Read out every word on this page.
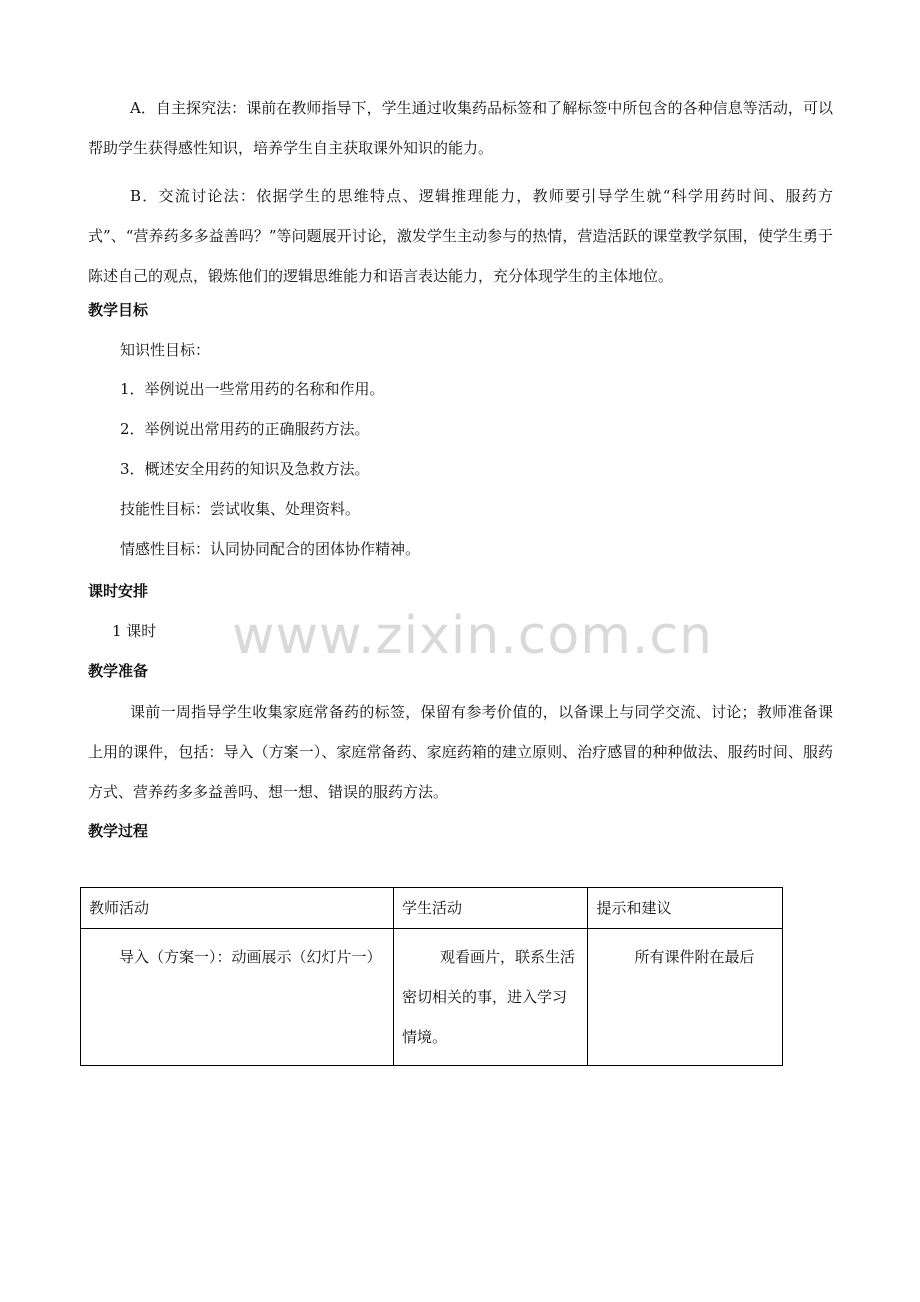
A．自主探究法：课前在教师指导下，学生通过收集药品标签和了解标签中所包含的各种信息等活动，可以帮助学生获得感性知识，培养学生自主获取课外知识的能力。

B．交流讨论法：依据学生的思维特点、逻辑推理能力，教师要引导学生就“科学用药时间、服药方式”、“营养药多多益善吗？”等问题展开讨论，激发学生主动参与的热情，营造活跃的课堂教学氛围，使学生勇于陈述自己的观点，锻炼他们的逻辑思维能力和语言表达能力，充分体现学生的主体地位。

教学目标

知识性目标：

1．举例说出一些常用药的名称和作用。

2．举例说出常用药的正确服药方法。

3．概述安全用药的知识及急救方法。

技能性目标：尝试收集、处理资料。

情感性目标：认同协同配合的团体协作精神。

课时安排

1 课时 www.zixin.com.cn
教学准备

课前一周指导学生收集家庭常备药的标签，保留有参考价值的，以备课上与同学交流、讨论；教师准备课上用的课件，包括：导入（方案一）、家庭常备药、家庭药箱的建立原则、治疗感冒的种种做法、服药时间、服药方式、营养药多多益善吗、想一想、错误的服药方法。

教学过程
教师活动	学生活动	提示和建议
导入（方案一）：动画展示（幻灯片一）	观看画片，联系生活密切相关的事，进入学习情境。	所有课件附在最后
